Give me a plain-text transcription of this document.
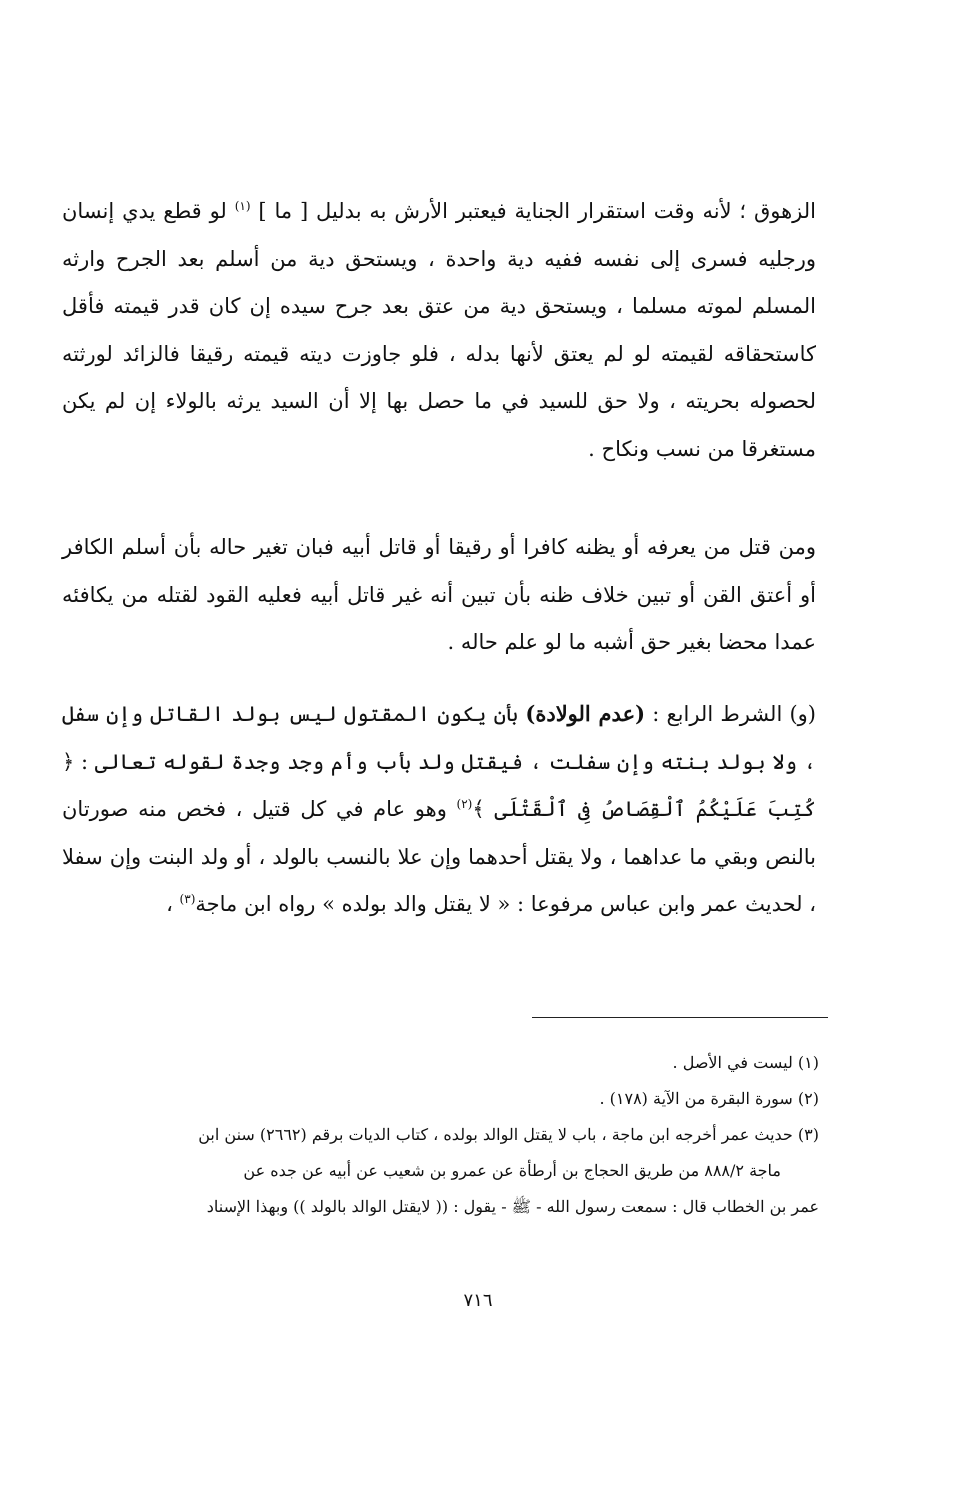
الزهوق ؛ لأنه وقت استقرار الجناية فيعتبر الأرش به بدليل [ ما ] $^{(١)}$ لو قطع يدي إنسان ورجليه فسرى إلى نفسه ففيه دية واحدة ، ويستحق دية من أسلم بعد الجرح وارثه المسلم لموته مسلما ، ويستحق دية من عتق بعد جرح سيده إن كان قدر قيمته فأقل كاستحقاقه لقيمته لو لم يعتق لأنها بدله ، فلو جاوزت ديته قيمته رقيقا فالزائد لورثته لحصوله بحريته ، ولا حق للسيد في ما حصل بها إلا أن السيد يرثه بالولاء إن لم يكن مستغرقا من نسب ونكاح .

ومن قتل من يعرفه أو يظنه كافرا أو رقيقا أو قاتل أبيه فبان تغير حاله بأن أسلم الكافر أو أعتق القن أو تبين خلاف ظنه بأن تبين أنه غير قاتل أبيه فعليه القود لقتله من يكافئه عمدا محضا بغير حق أشبه ما لو علم حاله .

(و) الشرط الرابع : (عدم الولادة) بأن يكون المقتول ليس بولد القاتل وإن سفل ، ولا بولد بنته وإن سفلت ، فيقتل ولد بأب وأم وجد وجدة لقوله تعالى : ﴿ كُتِبَ عَلَيْكُمُ ٱلْقِصَاصُ فِى ٱلْقَتْلَى ﴾$^{(٢)}$ وهو عام في كل قتيل ، فخص منه صورتان بالنص وبقي ما عداهما ، ولا يقتل أحدهما وإن علا بالنسب بالولد ، أو ولد البنت وإن سفلا ، لحديث عمر وابن عباس مرفوعا : « لا يقتل والد بولده » رواه ابن ماجة$^{(٣)}$ ،

(١) ليست في الأصل .

(٢) سورة البقرة من الآية (١٧٨) .

(٣) حديث عمر أخرجه ابن ماجة ، باب لا يقتل الوالد بولده ، كتاب الديات برقم (٢٦٦٢) سنن ابن

ماجة ٨٨٨/٢ من طريق الحجاج بن أرطأة عن عمرو بن شعيب عن أبيه عن جده عن

عمر بن الخطاب قال : سمعت رسول الله - ﷺ - يقول : (( لايقتل الوالد بالولد )) وبهذا الإسناد

٧١٦
